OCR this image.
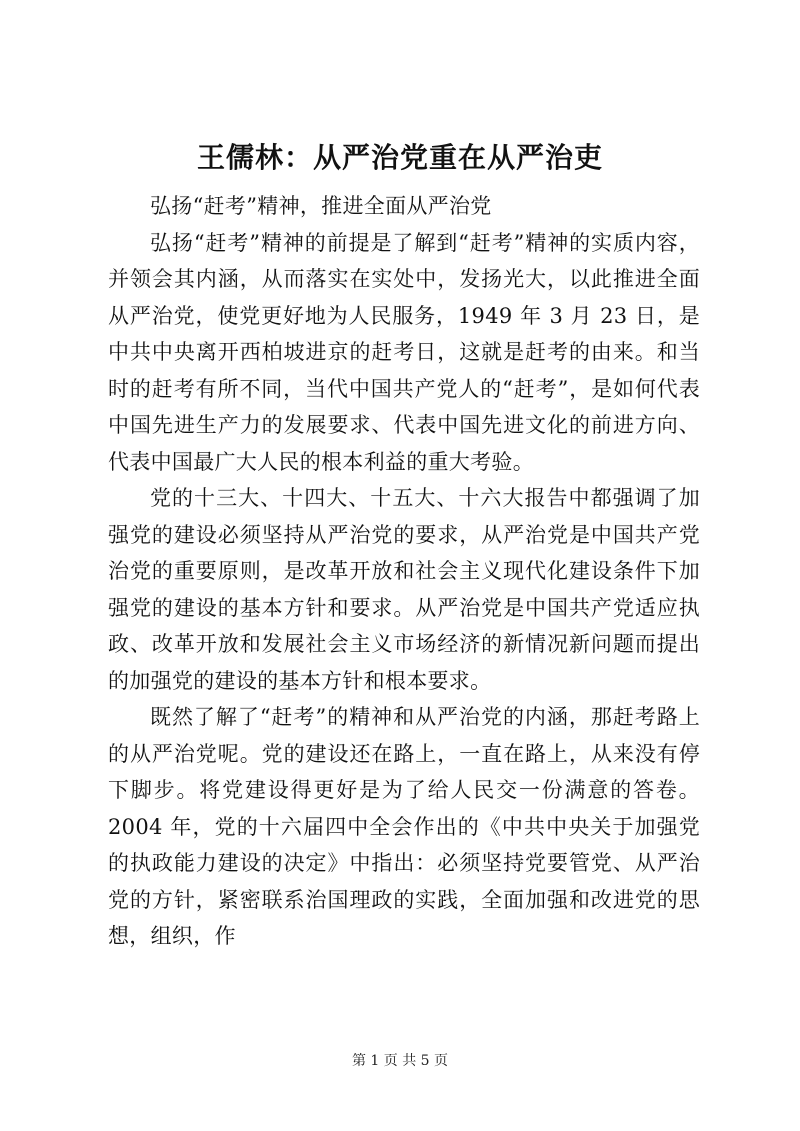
王儒林：从严治党重在从严治吏

弘扬“赶考”精神，推进全面从严治党

弘扬“赶考”精神的前提是了解到“赶考”精神的实质内容，并领会其内涵，从而落实在实处中，发扬光大，以此推进全面从严治党，使党更好地为人民服务，1949 年 3 月 23 日，是中共中央离开西柏坡进京的赶考日，这就是赶考的由来。和当时的赶考有所不同，当代中国共产党人的“赶考”，是如何代表中国先进生产力的发展要求、代表中国先进文化的前进方向、代表中国最广大人民的根本利益的重大考验。

党的十三大、十四大、十五大、十六大报告中都强调了加强党的建设必须坚持从严治党的要求，从严治党是中国共产党治党的重要原则，是改革开放和社会主义现代化建设条件下加强党的建设的基本方针和要求。从严治党是中国共产党适应执政、改革开放和发展社会主义市场经济的新情况新问题而提出的加强党的建设的基本方针和根本要求。

既然了解了“赶考”的精神和从严治党的内涵，那赶考路上的从严治党呢。党的建设还在路上，一直在路上，从来没有停下脚步。将党建设得更好是为了给人民交一份满意的答卷。2004 年，党的十六届四中全会作出的《中共中央关于加强党的执政能力建设的决定》中指出：必须坚持党要管党、从严治党的方针，紧密联系治国理政的实践，全面加强和改进党的思想，组织，作

第 1 页 共 5 页
